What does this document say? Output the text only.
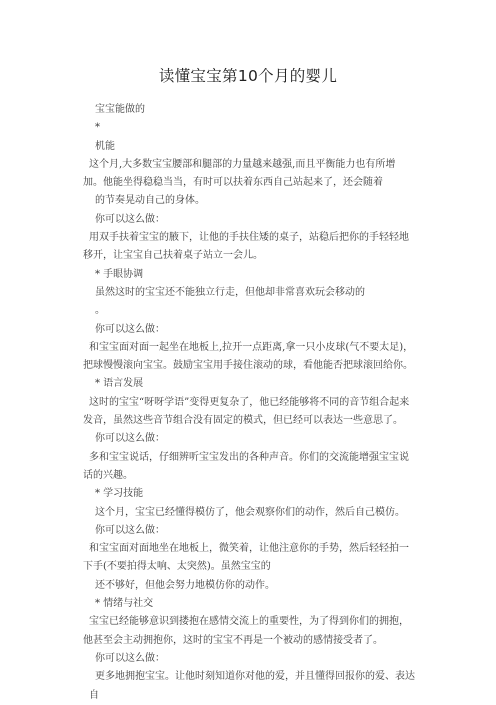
读懂宝宝第10个月的婴儿

宝宝能做的

*

机能

这个月,大多数宝宝腰部和腿部的力量越来越强,而且平衡能力也有所增加。他能坐得稳稳当当，有时可以扶着东西自己站起来了，还会随着

的节奏晃动自己的身体。

你可以这么做：

用双手扶着宝宝的腋下，让他的手扶住矮的桌子，站稳后把你的手轻轻地移开，让宝宝自己扶着桌子站立一会儿。

* 手眼协调

虽然这时的宝宝还不能独立行走，但他却非常喜欢玩会移动的

。

你可以这么做：

和宝宝面对面一起坐在地板上,拉开一点距离,拿一只小皮球(气不要太足)，把球慢慢滚向宝宝。鼓励宝宝用手接住滚动的球，看他能否把球滚回给你。

* 语言发展

这时的宝宝“呀呀学语”变得更复杂了，他已经能够将不同的音节组合起来发音，虽然这些音节组合没有固定的模式，但已经可以表达一些意思了。

你可以这么做：

多和宝宝说话，仔细辨听宝宝发出的各种声音。你们的交流能增强宝宝说话的兴趣。

* 学习技能

这个月，宝宝已经懂得模仿了，他会观察你们的动作，然后自己模仿。

你可以这么做：

和宝宝面对面地坐在地板上，微笑着，让他注意你的手势，然后轻轻拍一下手(不要拍得太响、太突然)。虽然宝宝的

还不够好，但他会努力地模仿你的动作。

* 情绪与社交

宝宝已经能够意识到搂抱在感情交流上的重要性，为了得到你们的拥抱，他甚至会主动拥抱你，这时的宝宝不再是一个被动的感情接受者了。

你可以这么做：

更多地拥抱宝宝。让他时刻知道你对他的爱，并且懂得回报你的爱、表达自
